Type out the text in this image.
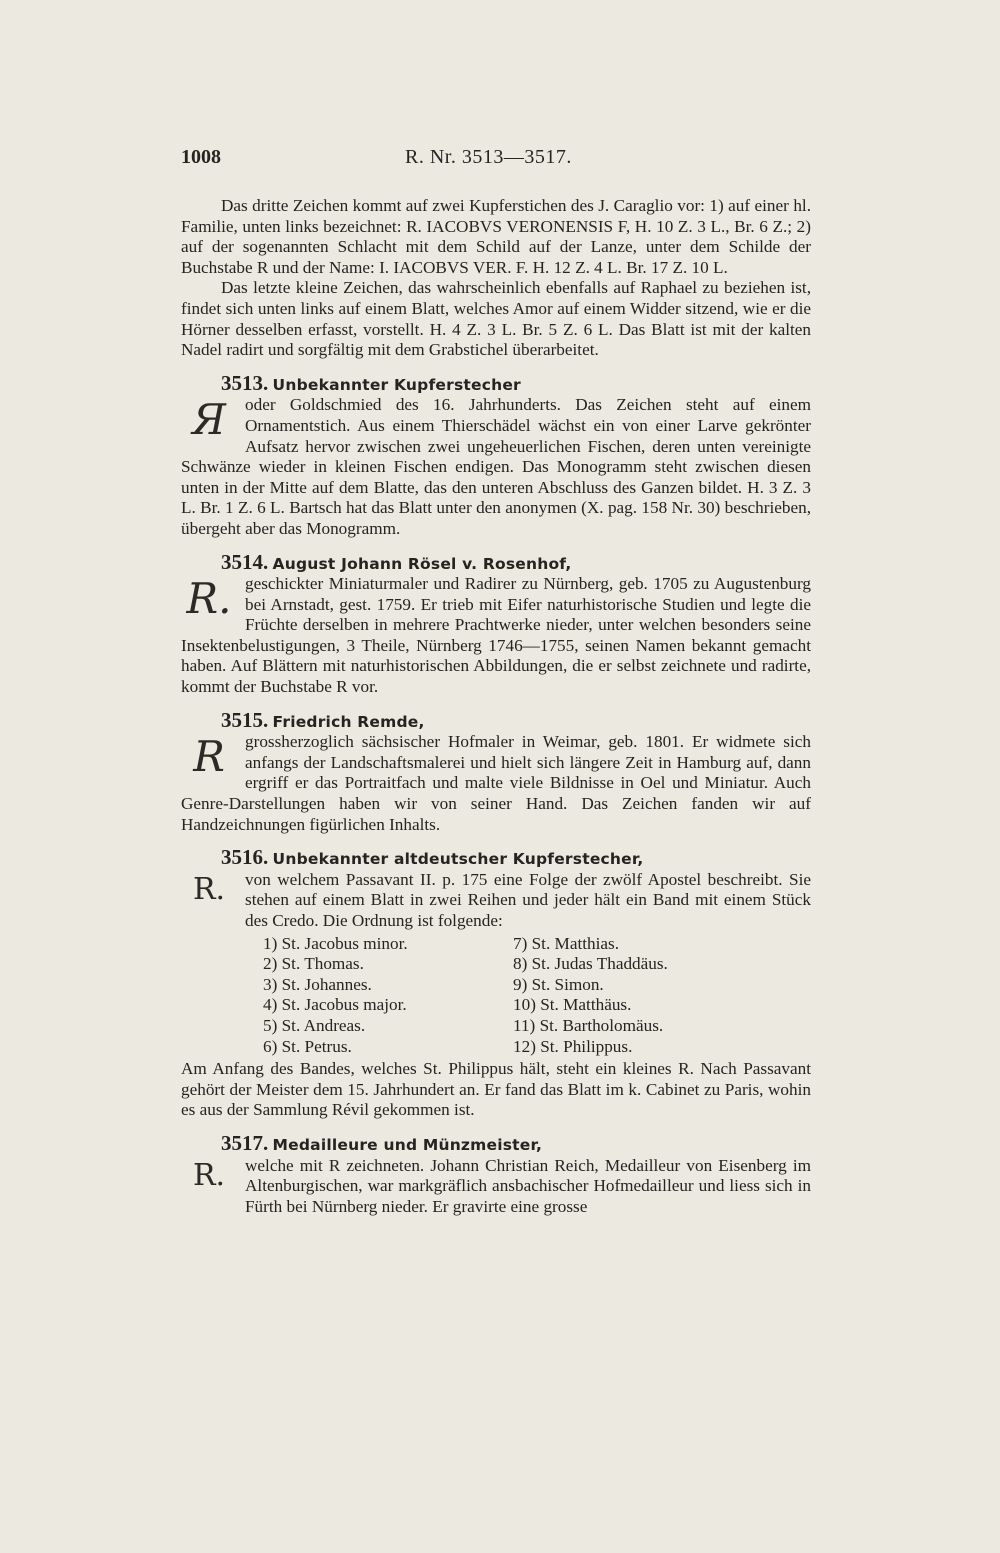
1008	R. Nr. 3513—3517.

Das dritte Zeichen kommt auf zwei Kupferstichen des J. Caraglio vor: 1) auf einer hl. Familie, unten links bezeichnet: R. IACOBVS VERONENSIS F, H. 10 Z. 3 L., Br. 6 Z.; 2) auf der sogenannten Schlacht mit dem Schild auf der Lanze, unter dem Schilde der Buchstabe R und der Name: I. IACOBVS VER. F. H. 12 Z. 4 L. Br. 17 Z. 10 L.

Das letzte kleine Zeichen, das wahrscheinlich ebenfalls auf Raphael zu beziehen ist, findet sich unten links auf einem Blatt, welches Amor auf einem Widder sitzend, wie er die Hörner desselben erfasst, vorstellt. H. 4 Z. 3 L. Br. 5 Z. 6 L. Das Blatt ist mit der kalten Nadel radirt und sorgfältig mit dem Grabstichel überarbeitet.

3513. Unbekannter Kupferstecher

Я	oder Goldschmied des 16. Jahrhunderts. Das Zeichen steht auf einem Ornamentstich. Aus einem Thierschädel wächst ein von einer Larve gekrönter Aufsatz hervor zwischen zwei ungeheuerlichen Fischen, deren unten vereinigte Schwänze wieder in kleinen Fischen endigen. Das Monogramm steht zwischen diesen unten in der Mitte auf dem Blatte, das den unteren Abschluss des Ganzen bildet. H. 3 Z. 3 L. Br. 1 Z. 6 L. Bartsch hat das Blatt unter den anonymen (X. pag. 158 Nr. 30) beschrieben, übergeht aber das Monogramm.

3514. August Johann Rösel v. Rosenhof,

R. geschickter Miniaturmaler und Radirer zu Nürnberg, geb. 1705 zu Augustenburg bei Arnstadt, gest. 1759. Er trieb mit Eifer naturhistorische Studien und legte die Früchte derselben in mehrere Prachtwerke nieder, unter welchen besonders seine Insektenbelustigungen, 3 Theile, Nürnberg 1746—1755, seinen Namen bekannt gemacht haben. Auf Blättern mit naturhistorischen Abbildungen, die er selbst zeichnete und radirte, kommt der Buchstabe R vor.

3515. Friedrich Remde,

R	grossherzoglich sächsischer Hofmaler in Weimar, geb. 1801. Er widmete sich anfangs der Landschaftsmalerei und hielt sich längere Zeit in Hamburg auf, dann ergriff er das Portraitfach und malte viele Bildnisse in Oel und Miniatur. Auch Genre-Darstellungen haben wir von seiner Hand. Das Zeichen fanden wir auf Handzeichnungen figürlichen Inhalts.

3516. Unbekannter altdeutscher Kupferstecher,

R.	von welchem Passavant II. p. 175 eine Folge der zwölf Apostel beschreibt. Sie stehen auf einem Blatt in zwei Reihen und jeder hält ein Band mit einem Stück des Credo. Die Ordnung ist folgende:

1) St. Jacobus minor.	7) St. Matthias.
2) St. Thomas.	8) St. Judas Thaddäus.
3) St. Johannes.	9) St. Simon.
4) St. Jacobus major.	10) St. Matthäus.
5) St. Andreas.	11) St. Bartholomäus.
6) St. Petrus.	12) St. Philippus.

Am Anfang des Bandes, welches St. Philippus hält, steht ein kleines R. Nach Passavant gehört der Meister dem 15. Jahrhundert an. Er fand das Blatt im k. Cabinet zu Paris, wohin es aus der Sammlung Révil gekommen ist.

3517. Medailleure und Münzmeister,

R.	welche mit R zeichneten. Johann Christian Reich, Medailleur von Eisenberg im Altenburgischen, war markgräflich ansbachischer Hofmedailleur und liess sich in Fürth bei Nürnberg nieder. Er gravirte eine grosse
